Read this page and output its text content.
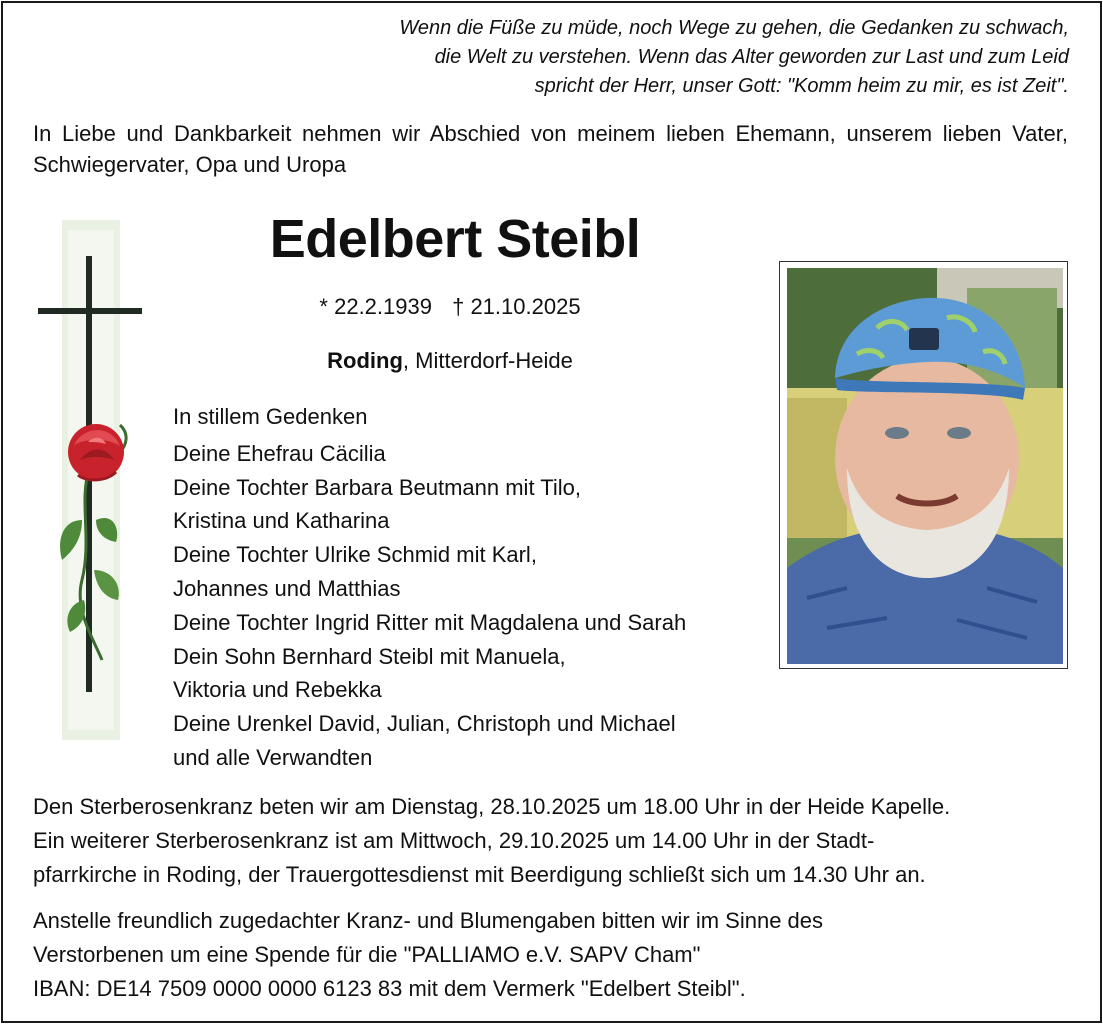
Wenn die Füße zu müde, noch Wege zu gehen, die Gedanken zu schwach,
die Welt zu verstehen. Wenn das Alter geworden zur Last und zum Leid
spricht der Herr, unser Gott: "Komm heim zu mir, es ist Zeit".
In Liebe und Dankbarkeit nehmen wir Abschied von meinem lieben Ehemann, unserem lieben Vater, Schwiegervater, Opa und Uropa
Edelbert Steibl
* 22.2.1939 † 21.10.2025
Roding, Mitterdorf-Heide
In stillem Gedenken
Deine Ehefrau Cäcilia
Deine Tochter Barbara Beutmann mit Tilo,
Kristina und Katharina
Deine Tochter Ulrike Schmid mit Karl,
Johannes und Matthias
Deine Tochter Ingrid Ritter mit Magdalena und Sarah
Dein Sohn Bernhard Steibl mit Manuela,
Viktoria und Rebekka
Deine Urenkel David, Julian, Christoph und Michael
und alle Verwandten
Den Sterberosenkranz beten wir am Dienstag, 28.10.2025 um 18.00 Uhr in der Heide Kapelle.
Ein weiterer Sterberosenkranz ist am Mittwoch, 29.10.2025 um 14.00 Uhr in der Stadt-
pfarrkirche in Roding, der Trauergottesdienst mit Beerdigung schließt sich um 14.30 Uhr an.
Anstelle freundlich zugedachter Kranz- und Blumengaben bitten wir im Sinne des
Verstorbenen um eine Spende für die "PALLIAMO e.V. SAPV Cham"
IBAN: DE14 7509 0000 0000 6123 83 mit dem Vermerk "Edelbert Steibl".
